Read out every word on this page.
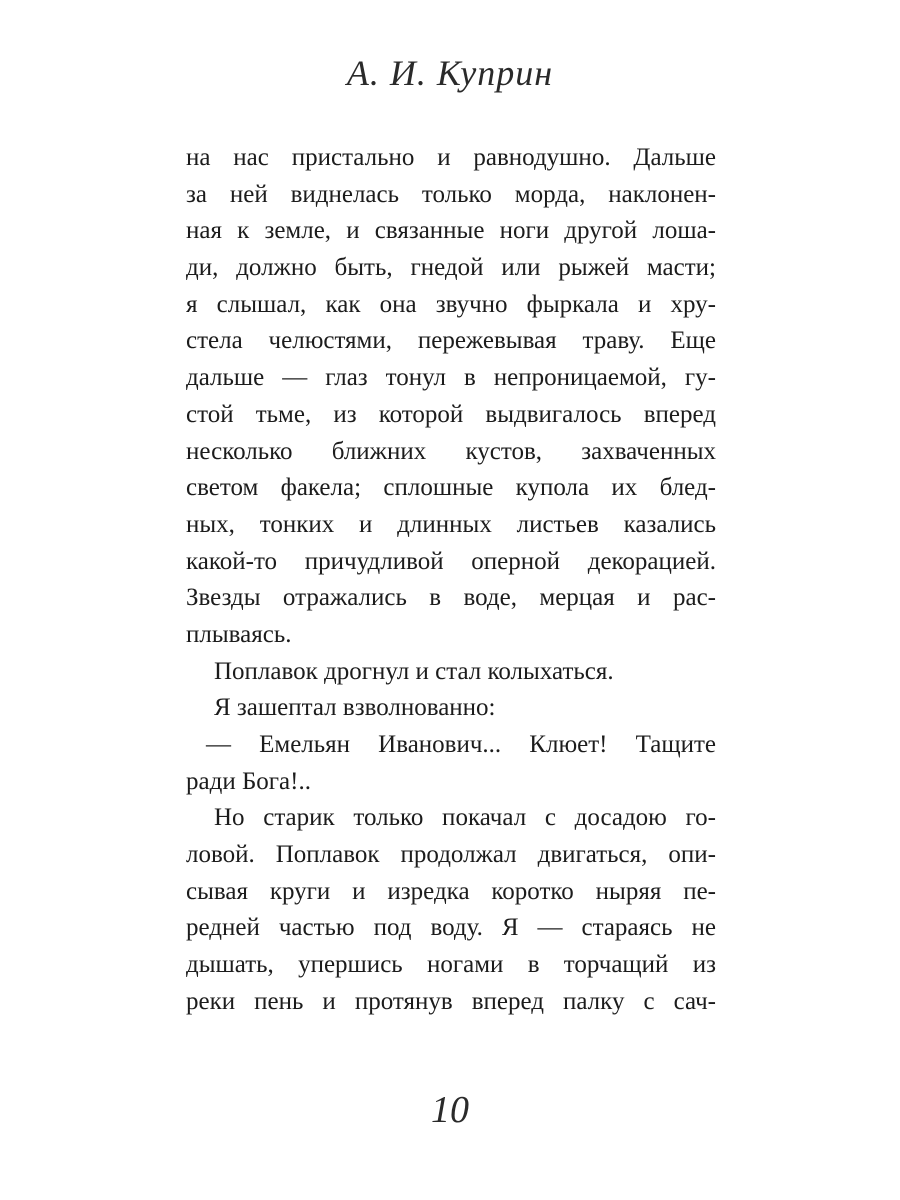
А. И. Куприн
на нас пристально и равнодушно. Дальше
за ней виднелась только морда, наклонен-
ная к земле, и связанные ноги другой лоша-
ди, должно быть, гнедой или рыжей масти;
я слышал, как она звучно фыркала и хру-
стела челюстями, пережевывая траву. Еще
дальше — глаз тонул в непроницаемой, гу-
стой тьме, из которой выдвигалось вперед
несколько ближних кустов, захваченных
светом факела; сплошные купола их блед-
ных, тонких и длинных листьев казались
какой-то причудливой оперной декорацией.
Звезды отражались в воде, мерцая и рас-
плываясь.
Поплавок дрогнул и стал колыхаться.
Я зашептал взволнованно:
— Емельян Иванович... Клюет! Тащите
ради Бога!..
Но старик только покачал с досадою го-
ловой. Поплавок продолжал двигаться, опи-
сывая круги и изредка коротко ныряя пе-
редней частью под воду. Я — стараясь не
дышать, упершись ногами в торчащий из
реки пень и протянув вперед палку с сач-
10
